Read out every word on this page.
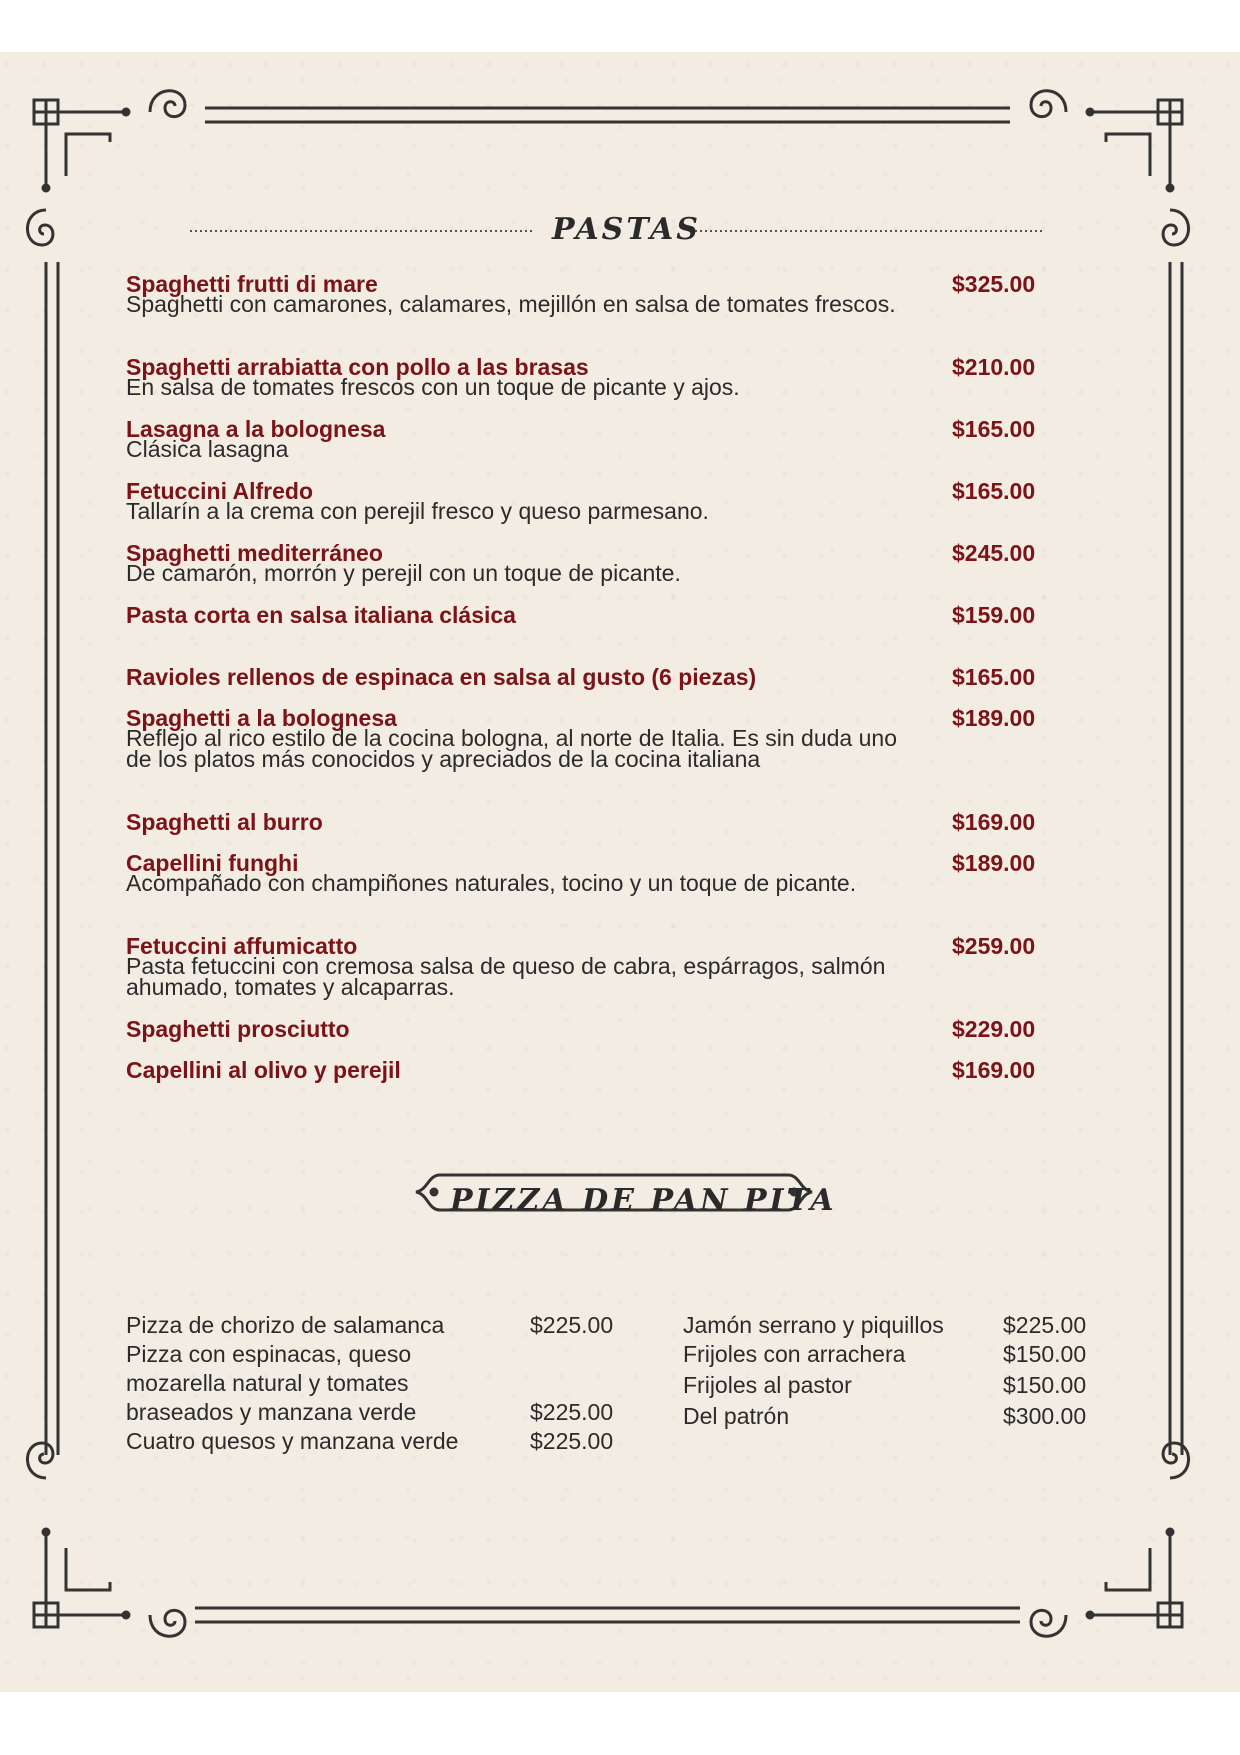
PASTAS
PIZZA DE PAN PITA
Spaghetti frutti di mare	$325.00
Spaghetti con camarones, calamares, mejillón en salsa de tomates frescos.
Spaghetti arrabiatta con pollo a las brasas	$210.00
En salsa de tomates frescos con un toque de picante y ajos.
Lasagna a la bolognesa	$165.00
Clásica lasagna
Fetuccini Alfredo	$165.00
Tallarín a la crema con perejil fresco y queso parmesano.
Spaghetti mediterráneo	$245.00
De camarón, morrón y perejil con un toque de picante.
Pasta corta en salsa italiana clásica	$159.00
Ravioles rellenos de espinaca en salsa al gusto (6 piezas)	$165.00
Spaghetti a la bolognesa	$189.00
Reflejo al rico estilo de la cocina bologna, al norte de Italia. Es sin duda uno de los platos más conocidos y apreciados de la cocina italiana
Spaghetti al burro	$169.00
Capellini funghi	$189.00
Acompañado con champiñones naturales, tocino y un toque de picante.
Fetuccini affumicatto	$259.00
Pasta fetuccini con cremosa salsa de queso de cabra, espárragos, salmón ahumado, tomates y alcaparras.
Spaghetti prosciutto	$229.00
Capellini al olivo y perejil	$169.00
Pizza de chorizo de salamanca	$225.00
Pizza con espinacas, queso
mozarella natural y tomates
braseados y manzana verde	$225.00
Cuatro quesos y manzana verde	$225.00
Jamón serrano y piquillos	$225.00
Frijoles con arrachera	$150.00
Frijoles al pastor	$150.00
Del patrón	$300.00
